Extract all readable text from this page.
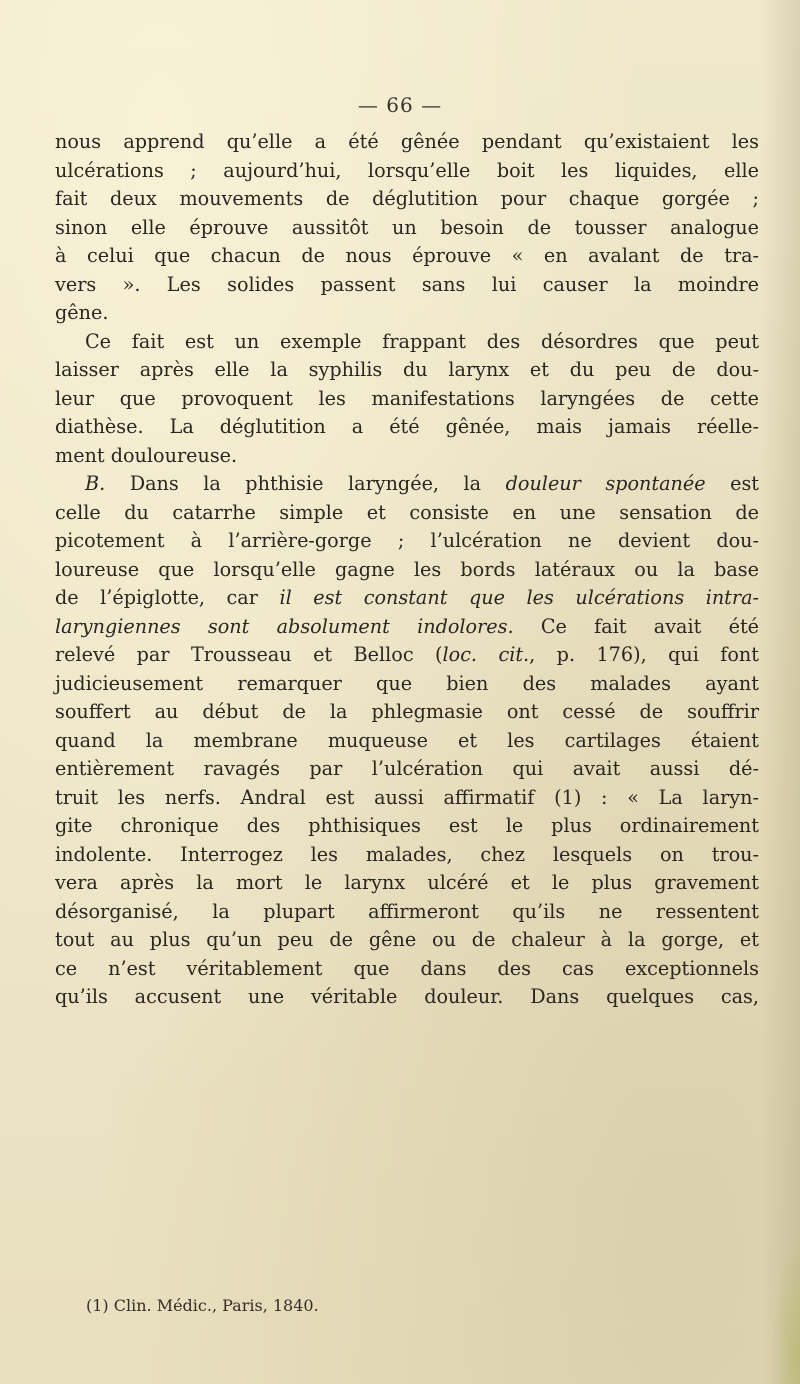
— 66 —
nous apprend qu’elle a été gênée pendant qu’existaient les
ulcérations ; aujourd’hui, lorsqu’elle boit les liquides, elle
fait deux mouvements de déglutition pour chaque gorgée ;
sinon elle éprouve aussitôt un besoin de tousser analogue
à celui que chacun de nous éprouve « en avalant de tra-
vers ». Les solides passent sans lui causer la moindre
gêne.
Ce fait est un exemple frappant des désordres que peut
laisser après elle la syphilis du larynx et du peu de dou-
leur que provoquent les manifestations laryngées de cette
diathèse. La déglutition a été gênée, mais jamais réelle-
ment douloureuse.
B. Dans la phthisie laryngée, la douleur spontanée est
celle du catarrhe simple et consiste en une sensation de
picotement à l’arrière-gorge ; l’ulcération ne devient dou-
loureuse que lorsqu’elle gagne les bords latéraux ou la base
de l’épiglotte, car il est constant que les ulcérations intra-
laryngiennes sont absolument indolores. Ce fait avait été
relevé par Trousseau et Belloc (loc. cit., p. 176), qui font
judicieusement remarquer que bien des malades ayant
souffert au début de la phlegmasie ont cessé de souffrir
quand la membrane muqueuse et les cartilages étaient
entièrement ravagés par l’ulcération qui avait aussi dé-
truit les nerfs. Andral est aussi affirmatif (1) : « La laryn-
gite chronique des phthisiques est le plus ordinairement
indolente. Interrogez les malades, chez lesquels on trou-
vera après la mort le larynx ulcéré et le plus gravement
désorganisé, la plupart affirmeront qu’ils ne ressentent
tout au plus qu’un peu de gêne ou de chaleur à la gorge, et
ce n’est véritablement que dans des cas exceptionnels
qu’ils accusent une véritable douleur. Dans quelques cas,
(1) Clin. Médic., Paris, 1840.
